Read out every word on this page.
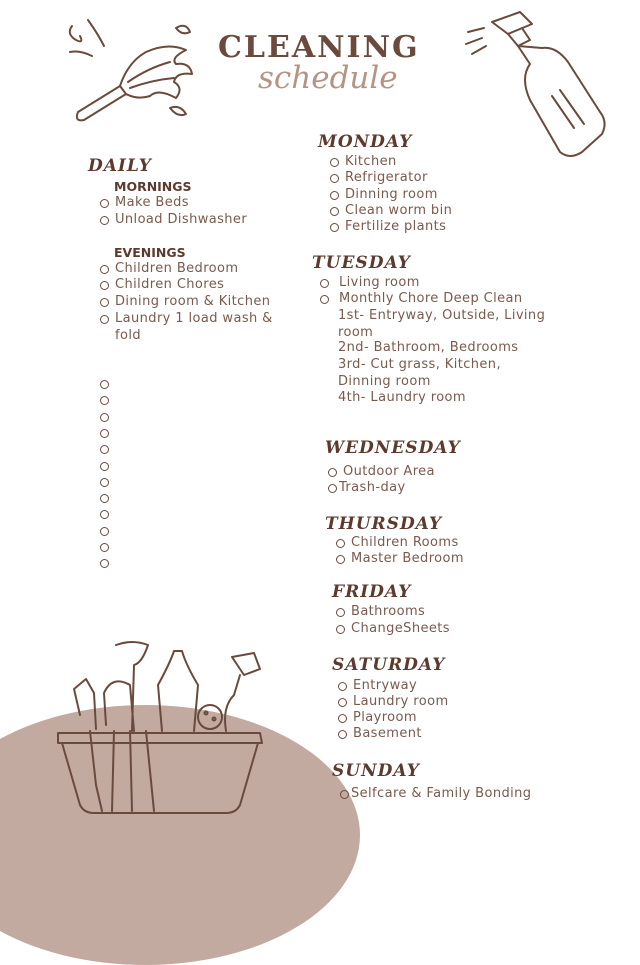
CLEANING
schedule
DAILY
MORNINGS
Make Beds
Unload Dishwasher
EVENINGS
Children Bedroom
Children Chores
Dining room & Kitchen
Laundry 1 load wash & fold
MONDAY
Kitchen
Refrigerator
Dinning room
Clean worm bin
Fertilize plants
TUESDAY
Living room
Monthly Chore Deep Clean
1st- Entryway, Outside, Living room
2nd- Bathroom, Bedrooms
3rd- Cut grass, Kitchen, Dinning room
4th- Laundry room
WEDNESDAY
Outdoor Area
Trash-day
THURSDAY
Children Rooms
Master Bedroom
FRIDAY
Bathrooms
ChangeSheets
SATURDAY
Entryway
Laundry room
Playroom
Basement
SUNDAY
Selfcare & Family Bonding
